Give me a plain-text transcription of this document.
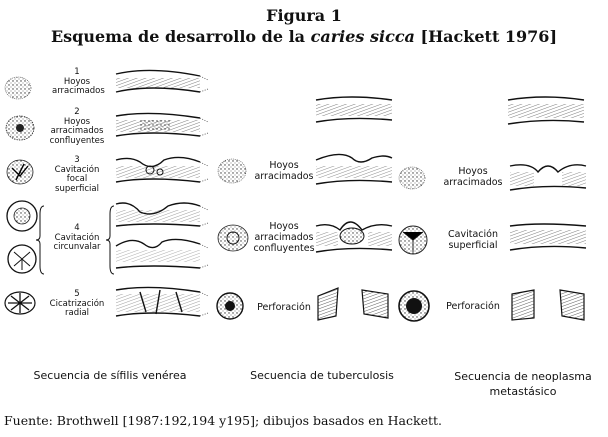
Figura 1
Esquema de desarrollo de la caries sicca [Hackett 1976]
1
Hoyos
arracimados
2
Hoyos
arracimados
confluyentes
3
Cavitación
focal
superficial
4
Cavitación
circunvalar
5
Cicatrización
radial
Hoyos
arracimados
Hoyos
arracimados
confluyentes
Perforación
Hoyos
arracimados
Cavitación
superficial
Perforación
Secuencia de sífilis venérea	Secuencia de tuberculosis	Secuencia de neoplasma
metastásico
Fuente: Brothwell [1987:192,194 y195]; dibujos basados en Hackett.
